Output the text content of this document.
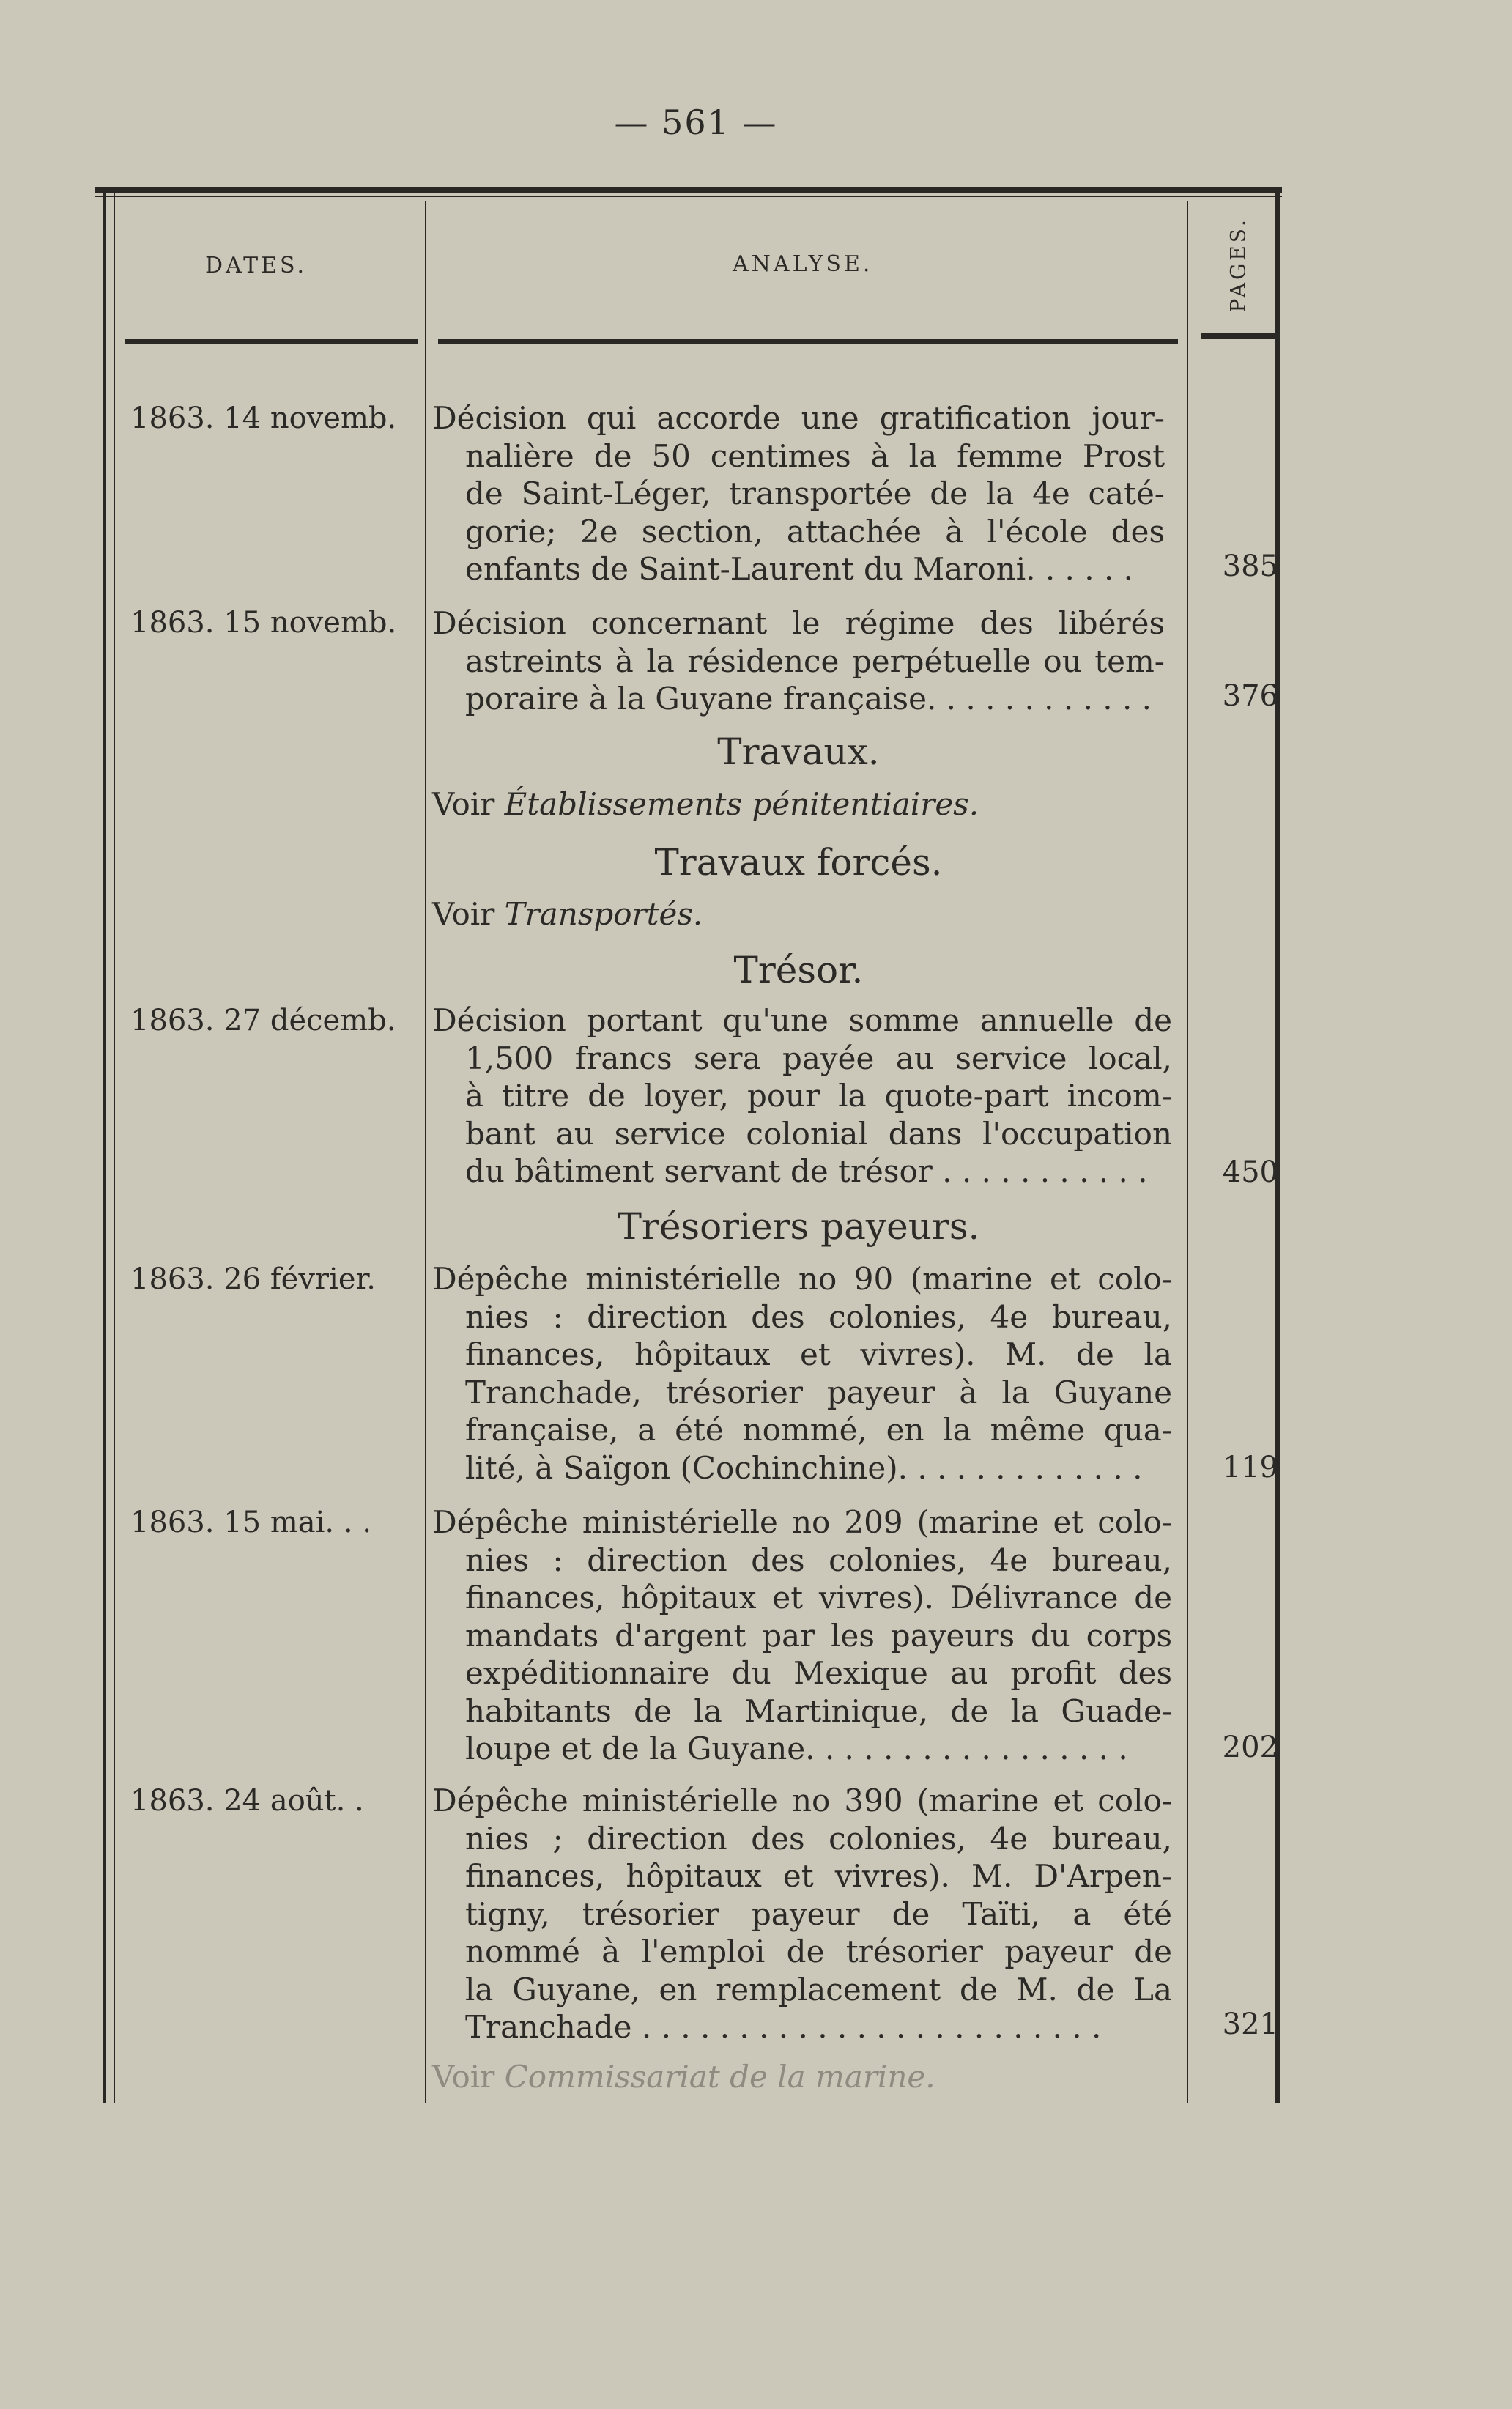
— 561 —
DATES.	ANALYSE.	PAGES.
1863. 14 novemb. Décision qui accorde une gratification jour-
nalière de 50 centimes à la femme Prost
de Saint-Léger, transportée de la 4e caté-
gorie; 2e section, attachée à l'école des
enfants de Saint-Laurent du Maroni. . . . . .	385
1863. 15 novemb. Décision concernant le régime des libérés
astreints à la résidence perpétuelle ou tem-
poraire à la Guyane française. . . . . . . . . . . .	376
Travaux.
Voir Établissements pénitentiaires.
Travaux forcés.
Voir Transportés.
Trésor.
1863. 27 décemb. Décision portant qu'une somme annuelle de
1,500 francs sera payée au service local,
à titre de loyer, pour la quote-part incom-
bant au service colonial dans l'occupation
du bâtiment servant de trésor . . . . . . . . . . .	450
Trésoriers payeurs.
1863. 26 février. Dépêche ministérielle no 90 (marine et colo-
nies : direction des colonies, 4e bureau,
finances, hôpitaux et vivres). M. de la
Tranchade, trésorier payeur à la Guyane
française, a été nommé, en la même qua-
lité, à Saïgon (Cochinchine). . . . . . . . . . . . .	119
1863. 15 mai. . . Dépêche ministérielle no 209 (marine et colo-
nies : direction des colonies, 4e bureau,
finances, hôpitaux et vivres). Délivrance de
mandats d'argent par les payeurs du corps
expéditionnaire du Mexique au profit des
habitants de la Martinique, de la Guade-
loupe et de la Guyane. . . . . . . . . . . . . . . . .	202
1863. 24 août. . Dépêche ministérielle no 390 (marine et colo-
nies ; direction des colonies, 4e bureau,
finances, hôpitaux et vivres). M. D'Arpen-
tigny, trésorier payeur de Taïti, a été
nommé à l'emploi de trésorier payeur de
la Guyane, en remplacement de M. de La
Tranchade . . . . . . . . . . . . . . . . . . . . . . . .	321
Voir Commissariat de la marine.
